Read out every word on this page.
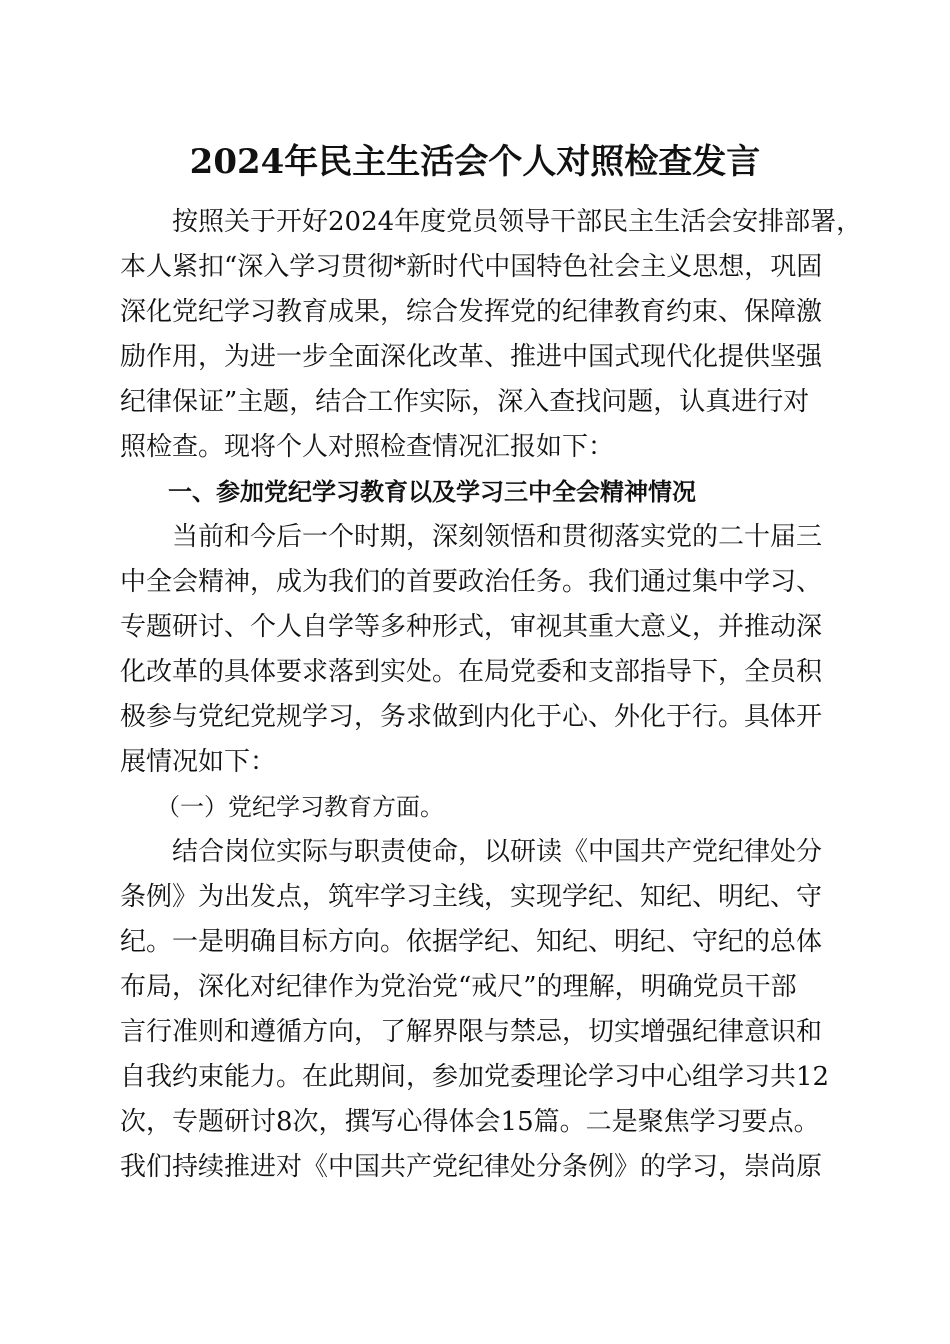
2024年民主生活会个人对照检查发言
　　按照关于开好2024年度党员领导干部民主生活会安排部署，
本人紧扣“深入学习贯彻*新时代中国特色社会主义思想，巩固
深化党纪学习教育成果，综合发挥党的纪律教育约束、保障激
励作用，为进一步全面深化改革、推进中国式现代化提供坚强
纪律保证”主题，结合工作实际，深入查找问题，认真进行对
照检查。现将个人对照检查情况汇报如下：
　　一、参加党纪学习教育以及学习三中全会精神情况
　　当前和今后一个时期，深刻领悟和贯彻落实党的二十届三
中全会精神，成为我们的首要政治任务。我们通过集中学习、
专题研讨、个人自学等多种形式，审视其重大意义，并推动深
化改革的具体要求落到实处。在局党委和支部指导下，全员积
极参与党纪党规学习，务求做到内化于心、外化于行。具体开
展情况如下：
　　（一）党纪学习教育方面。
　　结合岗位实际与职责使命，以研读《中国共产党纪律处分
条例》为出发点，筑牢学习主线，实现学纪、知纪、明纪、守
纪。一是明确目标方向。依据学纪、知纪、明纪、守纪的总体
布局，深化对纪律作为党治党“戒尺”的理解，明确党员干部
言行准则和遵循方向，了解界限与禁忌，切实增强纪律意识和
自我约束能力。在此期间，参加党委理论学习中心组学习共12
次，专题研讨8次，撰写心得体会15篇。二是聚焦学习要点。
我们持续推进对《中国共产党纪律处分条例》的学习，崇尚原
